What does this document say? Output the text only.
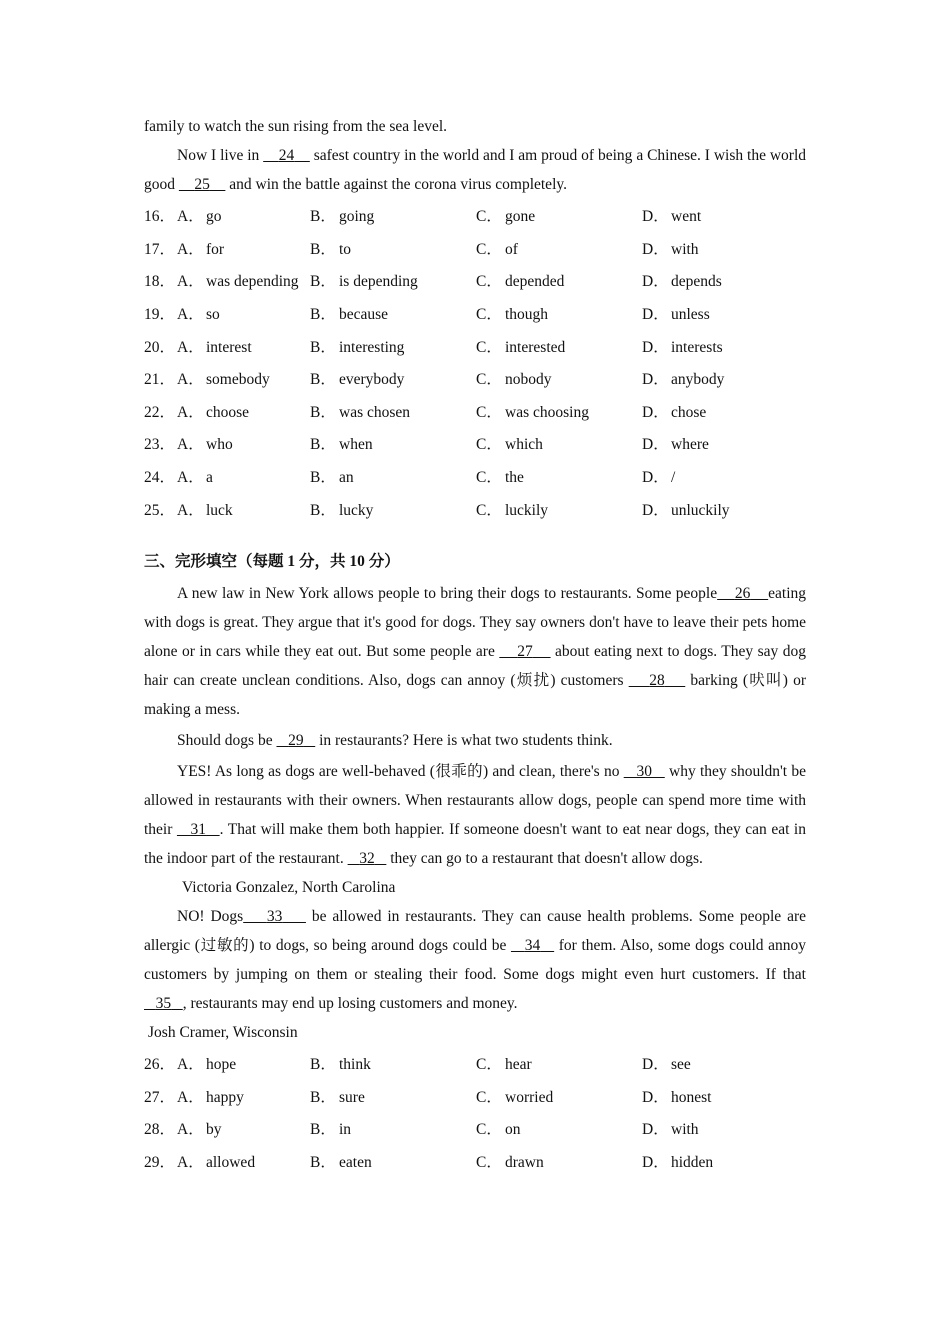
family to watch the sun rising from the sea level.

Now I live in     24     safest country in the world and I am proud of being a Chinese. I wish the world good     25     and win the battle against the corona virus completely.

16． A． go	B． going	C． gone	D． went
17． A． for	B． to	C． of	D． with
18． A． was depending B． is depending	C． depended	D． depends
19． A． so	B． because	C． though	D． unless
20． A． interest	B． interesting	C． interested	D． interests
21． A． somebody	B． everybody	C． nobody	D． anybody
22． A． choose	B． was chosen	C． was choosing	D． chose
23． A． who	B． when	C． which	D． where
24． A． a	B． an	C． the	D． /
25． A． luck	B． lucky	C． luckily	D． unluckily
三、完形填空（每题 1 分，共 10 分）

A new law in New York allows people to bring their dogs to restaurants. Some people 26 eating with dogs is great. They argue that it's good for dogs. They say owners don't have to leave their pets home alone or in cars while they eat out. But some people are     27     about eating next to dogs. They say dog hair can create unclean conditions. Also, dogs can annoy (烦扰) customers     28     barking (吠叫) or making a mess.

Should dogs be    29    in restaurants? Here is what two students think.

YES! As long as dogs are well-behaved (很乖的) and clean, there's no    30    why they shouldn't be allowed in restaurants with their owners. When restaurants allow dogs, people can spend more time with their    31 . That will make them both happier. If someone doesn't want to eat near dogs, they can eat in the indoor part of the restaurant.    32    they can go to a restaurant that doesn't allow dogs.

Victoria Gonzalez, North Carolina

NO! Dogs 33     be allowed in restaurants. They can cause health problems. Some people are allergic (过敏的) to dogs, so being around dogs could be    34    for them. Also, some dogs could annoy customers by jumping on them or stealing their food. Some dogs might even hurt customers. If that    35 , restaurants may end up losing customers and money.

Josh Cramer, Wisconsin

26． A． hope	B． think	C． hear	D． see
27． A． happy	B． sure	C． worried	D． honest
28． A． by	B． in	C． on	D． with
29． A． allowed	B． eaten	C． drawn	D． hidden
